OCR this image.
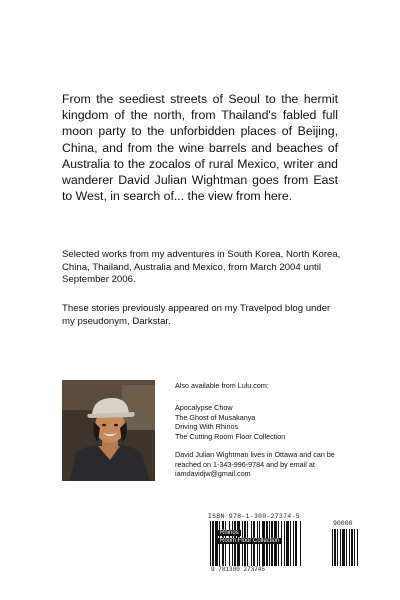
From the seediest streets of Seoul to the hermit kingdom of the north, from Thailand's fabled full moon party to the unforbidden places of Beijing, China, and from the wine barrels and beaches of Australia to the zocalos of rural Mexico, writer and wanderer David Julian Wightman goes from East to West, in search of... the view from here.

Selected works from my adventures in South Korea, North Korea, China, Thailand, Australia and Mexico, from March 2004 until September 2006.

These stories previously appeared on my Travelpod blog under my pseudonym, Darkstar.

Also available from Lulu.com:

Apocalypse Chow
The Ghost of Musakanya
Driving With Rhinos
The Cutting Room Floor Collection

David Julian Wightman lives in Ottawa and can be reached on 1-343-996-9784 and by email at iamdavidjw@gmail.com

ISBN 978-1-300-27374-5
90000
Rhinos
Room Floor Collection
9 781300 273745
